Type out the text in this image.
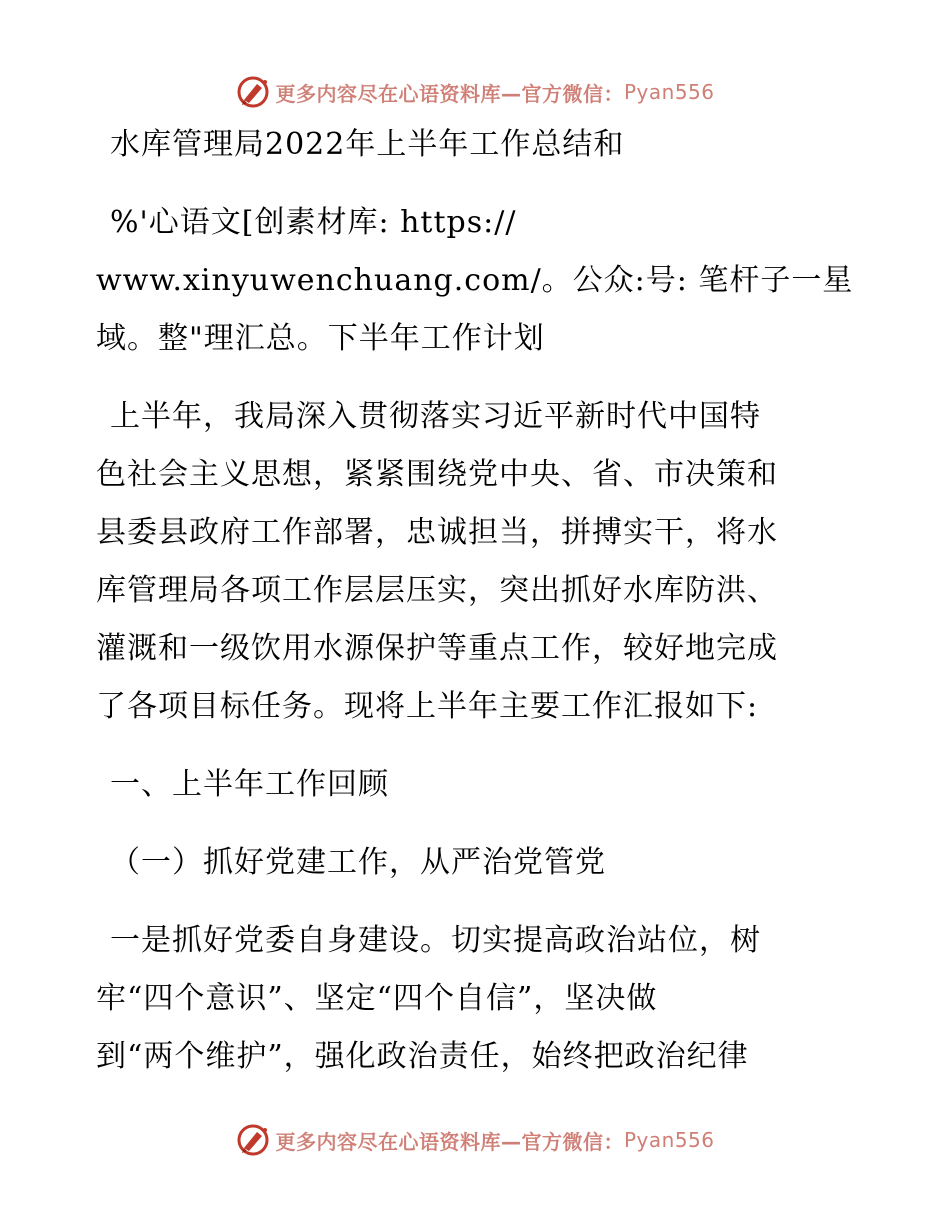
更多内容尽在心语资料库—官方微信： Pyan556

水库管理局2022年上半年工作总结和

%'心语文[创素材库: https://
www.xinyuwenchuang.com/。公众:号: 笔杆子一星
域。整"理汇总。下半年工作计划

上半年，我局深入贯彻落实习近平新时代中国特
色社会主义思想，紧紧围绕党中央、省、市决策和
县委县政府工作部署，忠诚担当，拼搏实干，将水
库管理局各项工作层层压实，突出抓好水库防洪、
灌溉和一级饮用水源保护等重点工作，较好地完成
了各项目标任务。现将上半年主要工作汇报如下:

一、上半年工作回顾

（一）抓好党建工作，从严治党管党

一是抓好党委自身建设。切实提高政治站位，树
牢“四个意识”、坚定“四个自信”，坚决做
到“两个维护”，强化政治责任，始终把政治纪律

更多内容尽在心语资料库—官方微信： Pyan556
